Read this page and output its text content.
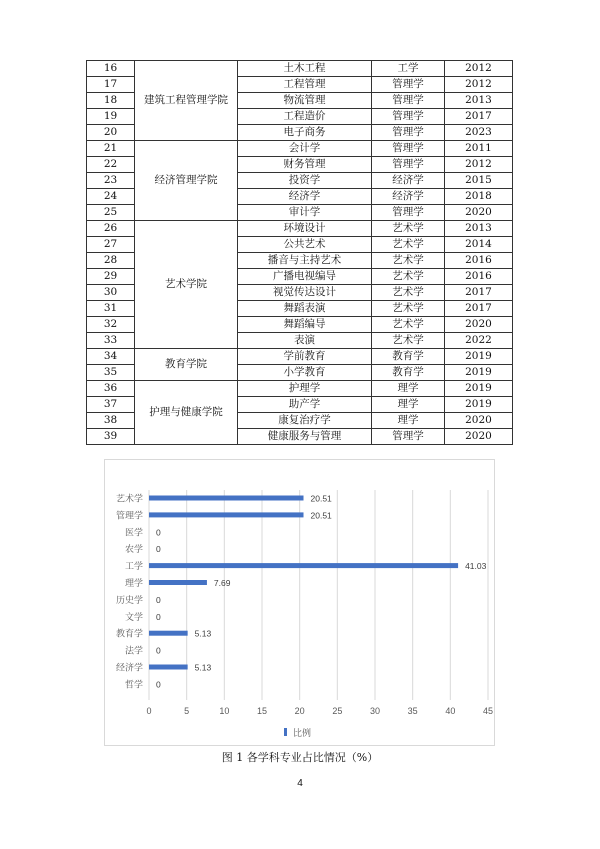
16	建筑工程管理学院	土木工程	工学	2012
17		工程管理	管理学	2012
18		物流管理	管理学	2013
19		工程造价	管理学	2017
20		电子商务	管理学	2023
21	经济管理学院	会计学	管理学	2011
22		财务管理	管理学	2012
23		投资学	经济学	2015
24		经济学	经济学	2018
25		审计学	管理学	2020
26	艺术学院	环境设计	艺术学	2013
27		公共艺术	艺术学	2014
28		播音与主持艺术	艺术学	2016
29		广播电视编导	艺术学	2016
30		视觉传达设计	艺术学	2017
31		舞蹈表演	艺术学	2017
32		舞蹈编导	艺术学	2020
33		表演	艺术学	2022
34	教育学院	学前教育	教育学	2019
35		小学教育	教育学	2019
36	护理与健康学院	护理学	理学	2019
37		助产学	理学	2019
38		康复治疗学	理学	2020
39		健康服务与管理	管理学	2020
0	5	10	15	20	25	30	35	40	45
艺术学	20.51
管理学	20.51
医学 0
农学 0
工学	41.03
理学	7.69
历史学 0
文学 0
教育学	5.13
法学 0
经济学	5.13
哲学 0
比例
图 1 各学科专业占比情况（%）
4
